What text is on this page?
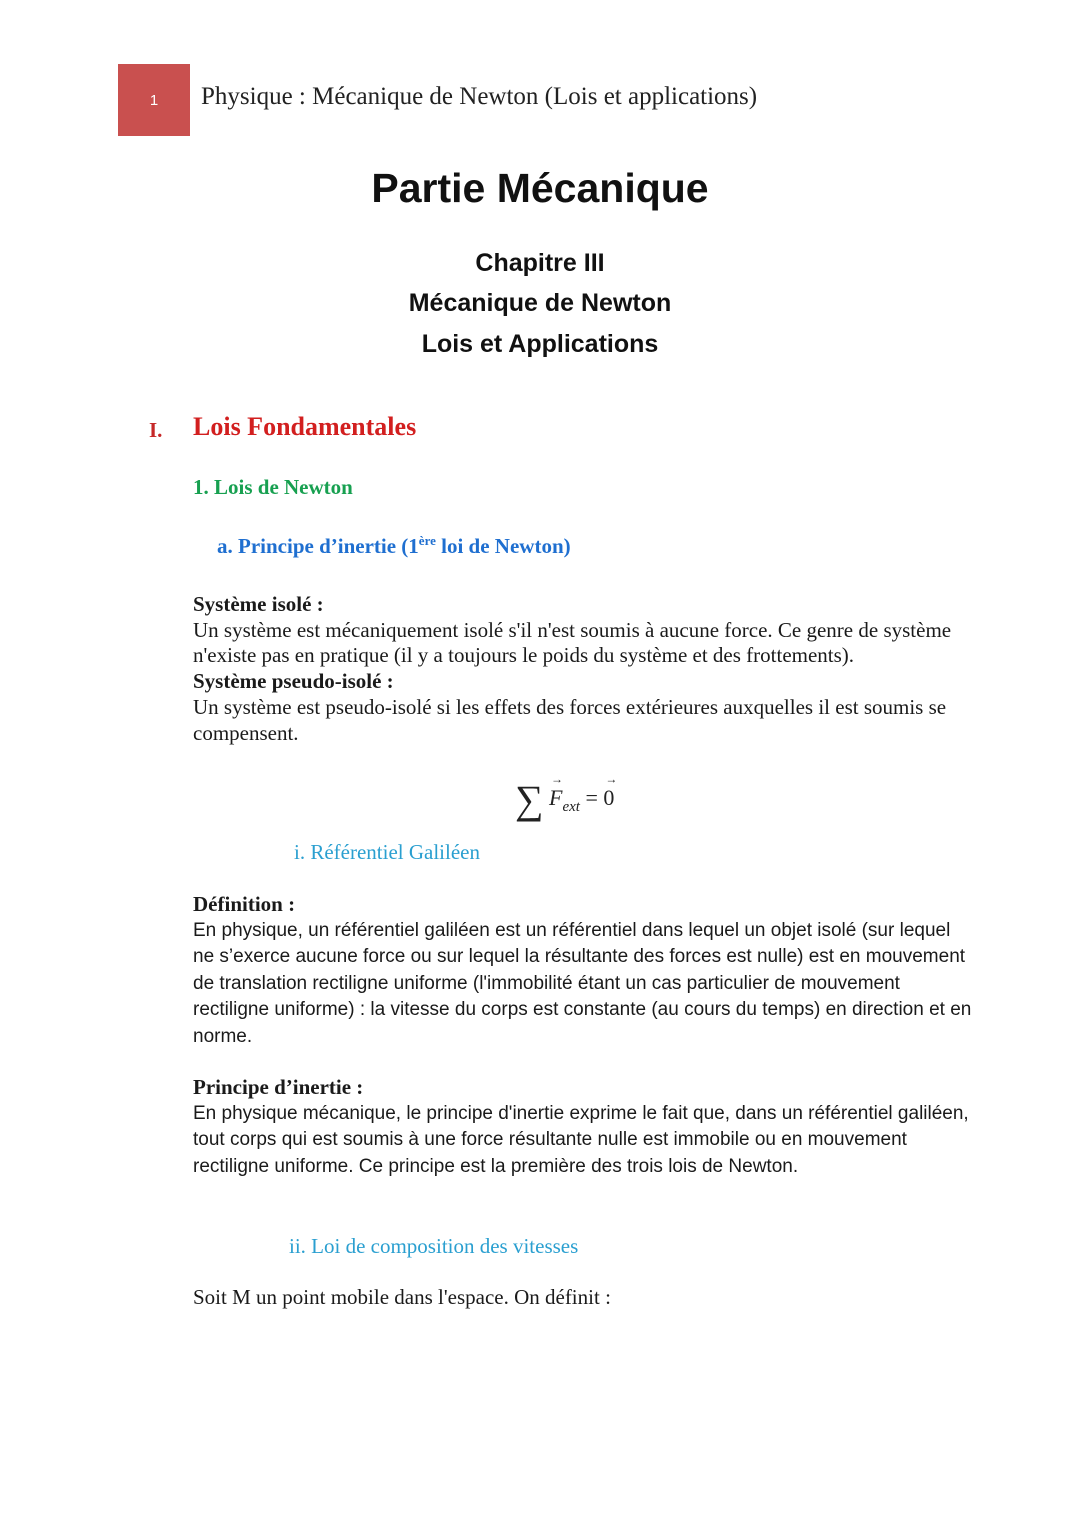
1 Physique : Mécanique de Newton (Lois et applications)
Partie Mécanique
Chapitre III
Mécanique de Newton
Lois et Applications
I. Lois Fondamentales
1. Lois de Newton
a. Principe d’inertie (1ère loi de Newton)
Système isolé :
Un système est mécaniquement isolé s'il n'est soumis à aucune force. Ce genre de système n'existe pas en pratique (il y a toujours le poids du système et des frottements).
Système pseudo-isolé :
Un système est pseudo-isolé si les effets des forces extérieures auxquelles il est soumis se compensent.
∑ →
$F_{ext}$ =
→
0
i. Référentiel Galiléen
Définition :
En physique, un référentiel galiléen est un référentiel dans lequel un objet isolé (sur lequel ne s’exerce aucune force ou sur lequel la résultante des forces est nulle) est en mouvement de translation rectiligne uniforme (l'immobilité étant un cas particulier de mouvement rectiligne uniforme) : la vitesse du corps est constante (au cours du temps) en direction et en norme.
Principe d’inertie :
En physique mécanique, le principe d'inertie exprime le fait que, dans un référentiel galiléen, tout corps qui est soumis à une force résultante nulle est immobile ou en mouvement rectiligne uniforme. Ce principe est la première des trois lois de Newton.
ii. Loi de composition des vitesses
Soit M un point mobile dans l'espace. On définit :
